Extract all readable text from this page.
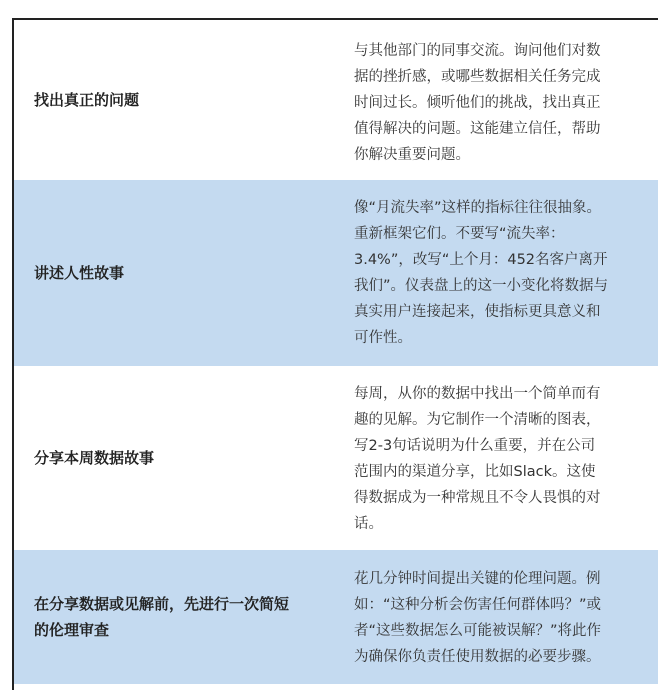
找出真正的问题
与其他部门的同事交流。询问他们对数
据的挫折感，或哪些数据相关任务完成
时间过长。倾听他们的挑战，找出真正
值得解决的问题。这能建立信任，帮助
你解决重要问题。
讲述人性故事
像“月流失率”这样的指标往往很抽象。
重新框架它们。不要写“流失率：
3.4%”，改写“上个月：452名客户离开
我们”。仪表盘上的这一小变化将数据与
真实用户连接起来，使指标更具意义和
可作性。
分享本周数据故事
每周，从你的数据中找出一个简单而有
趣的见解。为它制作一个清晰的图表，
写2-3句话说明为什么重要，并在公司
范围内的渠道分享，比如Slack。这使
得数据成为一种常规且不令人畏惧的对
话。
在分享数据或见解前，先进行一次简短
的伦理审查
花几分钟时间提出关键的伦理问题。例
如：“这种分析会伤害任何群体吗？”或
者“这些数据怎么可能被误解？”将此作
为确保你负责任使用数据的必要步骤。
